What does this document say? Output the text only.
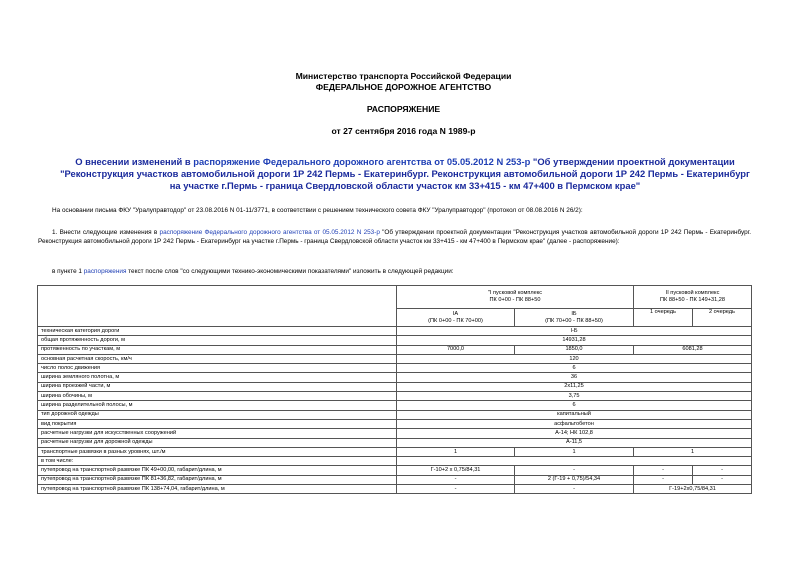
Министерство транспорта Российской Федерации
ФЕДЕРАЛЬНОЕ ДОРОЖНОЕ АГЕНТСТВО
РАСПОРЯЖЕНИЕ
от 27 сентября 2016 года N 1989-р
О внесении изменений в распоряжение Федерального дорожного агентства от 05.05.2012 N 253-р "Об утверждении проектной документации "Реконструкция участков автомобильной дороги 1Р 242 Пермь - Екатеринбург. Реконструкция автомобильной дороги 1Р 242 Пермь - Екатеринбург на участке г.Пермь - граница Свердловской области участок км 33+415 - км 47+400 в Пермском крае"
На основании письма ФКУ "Уралуправтодор" от 23.08.2016 N 01-11/3771, в соответствии с решением технического совета ФКУ "Уралуправтодор" (протокол от 08.08.2016 N 26/2):
1. Внести следующие изменения в распоряжение Федерального дорожного агентства от 05.05.2012 N 253-р "Об утверждении проектной документации "Реконструкция участков автомобильной дороги 1Р 242 Пермь - Екатеринбург. Реконструкция автомобильной дороги 1Р 242 Пермь - Екатеринбург на участке г.Пермь - граница Свердловской области участок км 33+415 - км 47+400 в Пермском крае" (далее - распоряжение):
в пункте 1 распоряжения текст после слов "со следующими технико-экономическими показателями" изложить в следующей редакции:
	"I пусковой комплекс
ПК 0+00 - ПК 88+50		II пусковой комплекс
ПК 88+50 - ПК 149+31,28	
	IA
(ПК 0+00 - ПК 70+00)	IБ
(ПК 70+00 - ПК 88+50)	1 очередь	2 очередь
техническая категория дороги	I-Б			
общая протяженность дороги, м	14931,28			
протяженность по участкам, м	7000,0	1850,0	6081,28	
основная расчетная скорость, км/ч	120			
число полос движения	6			
ширина земляного полотна, м	36			
ширина проезжей части, м	2х11,25			
ширина обочины, м	3,75			
ширина разделительной полосы, м	6			
тип дорожной одежды	капитальный			
вид покрытия	асфальтобетон			
расчетные нагрузки для искусственных сооружений	А-14; НК 102,8			
расчетные нагрузки для дорожной одежды	А-11,5			
транспортные развязки в разных уровнях, шт./м	1	1	1	
в том числе:				
путепровод на транспортной развязке ПК 49+00,00, габарит/длина, м	Г-10+2 х 0,75/84,31	-	-	-
путепровод на транспортной развязке ПК 81+36,82, габарит/длина, м	-	2 (Г-19 + 0,75)/54,34	-	-
путепровод на транспортной развязке ПК 138+74,04, габарит/длина, м	-	-	Г-19+2х0,75/84,31	
